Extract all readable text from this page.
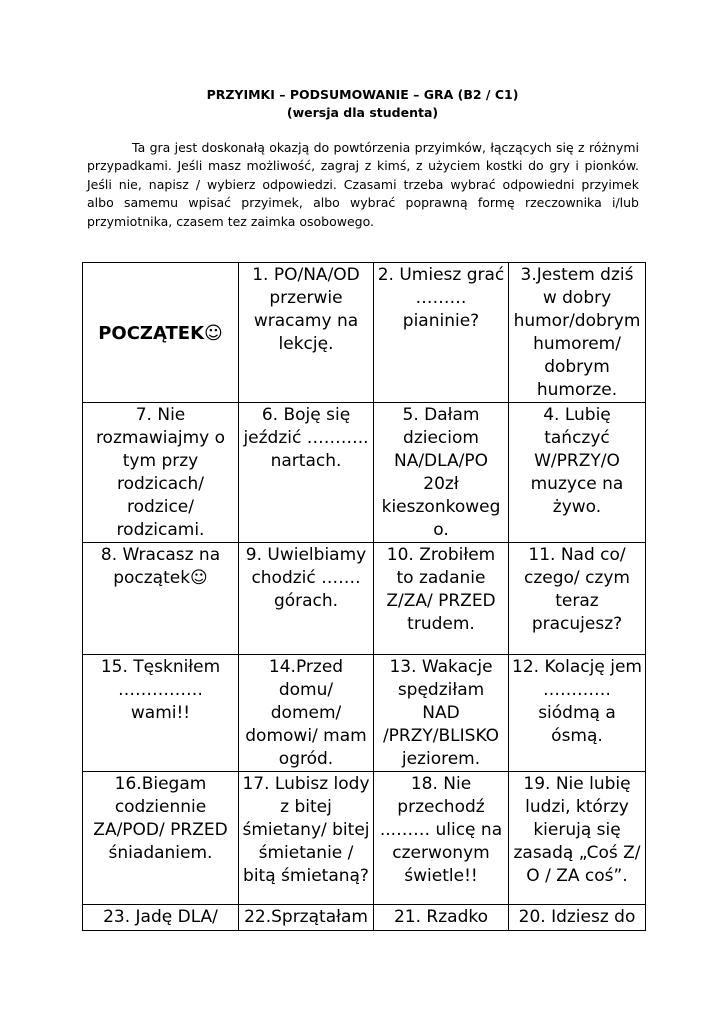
PRZYIMKI – PODSUMOWANIE – GRA (B2 / C1)
(wersja dla studenta)

Ta gra jest doskonałą okazją do powtórzenia przyimków, łączących się z różnymi przypadkami. Jeśli masz możliwość, zagraj z kimś, z użyciem kostki do gry i pionków. Jeśli nie, napisz / wybierz odpowiedzi. Czasami trzeba wybrać odpowiedni przyimek albo samemu wpisać przyimek, albo wybrać poprawną formę rzeczownika i/lub przymiotnika, czasem tez zaimka osobowego.

POCZĄTEK☺	1. PO/NA/OD przerwie wracamy na lekcję.	2. Umiesz grać ……… pianinie?	3.Jestem dziś w dobry humor/dobrym humorem/ dobrym humorze.
7. Nie rozmawiajmy o tym przy rodzicach/ rodzice/ rodzicami.	6. Boję się jeździć ……….. nartach.	5. Dałam dzieciom NA/DLA/PO 20zł kieszonkowego.	4. Lubię tańczyć W/PRZY/O muzyce na żywo.
8. Wracasz na początek☺	9. Uwielbiamy chodzić ……. górach.	10. Zrobiłem to zadanie Z/ZA/ PRZED trudem.	11. Nad co/ czego/ czym teraz pracujesz?
15. Tęskniłem …………… wami!!	14.Przed domu/ domem/ domowi/ mam ogród.	13. Wakacje spędziłam NAD /PRZY/BLISKO jeziorem.	12. Kolację jem ………… siódmą a ósmą.
16.Biegam codziennie ZA/POD/ PRZED śniadaniem.	17. Lubisz lody z bitej śmietany/ bitej śmietanie / bitą śmietaną?	18. Nie przechodź ...…… ulicę na czerwonym świetle!!	19. Nie lubię ludzi, którzy kierują się zasadą „Coś Z/ O / ZA coś”.
23. Jadę DLA/	22.Sprzątałam	21. Rzadko	20. Idziesz do
